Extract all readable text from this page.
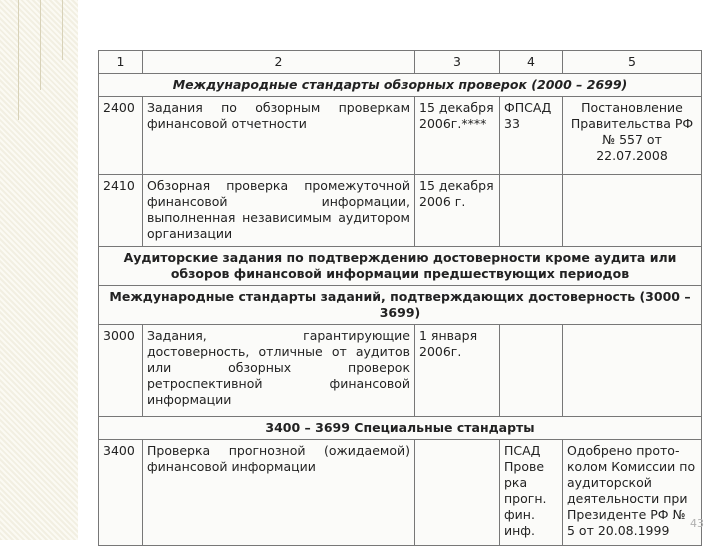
1	2	3	4	5
Международные стандарты обзорных проверок (2000 – 2699)				
2400	Задания по обзорным проверкам финансовой отчетности	15 декабря 2006г.****	ФПСАД 33	Постановление Правительства РФ № 557 от 22.07.2008
2410	Обзорная проверка промежуточной финансовой информации, выполненная независимым аудитором организации	15 декабря 2006 г.		
Аудиторские задания по подтверждению достоверности кроме аудита или обзоров финансовой информации предшествующих периодов				
Международные стандарты заданий, подтверждающих достоверность (3000 – 3699)				
3000	Задания, гарантирующие достоверность, отличные от аудитов или обзорных проверок ретроспективной финансовой информации	1 января 2006г.		
3400 – 3699 Специальные стандарты				
3400	Проверка прогнозной (ожидаемой) финансовой информации		ПСАД Прове рка прогн. фин. инф.	Одобрено прото-колом Комиссии по аудиторской деятельности при Президенте РФ № 5 от 20.08.1999 43
